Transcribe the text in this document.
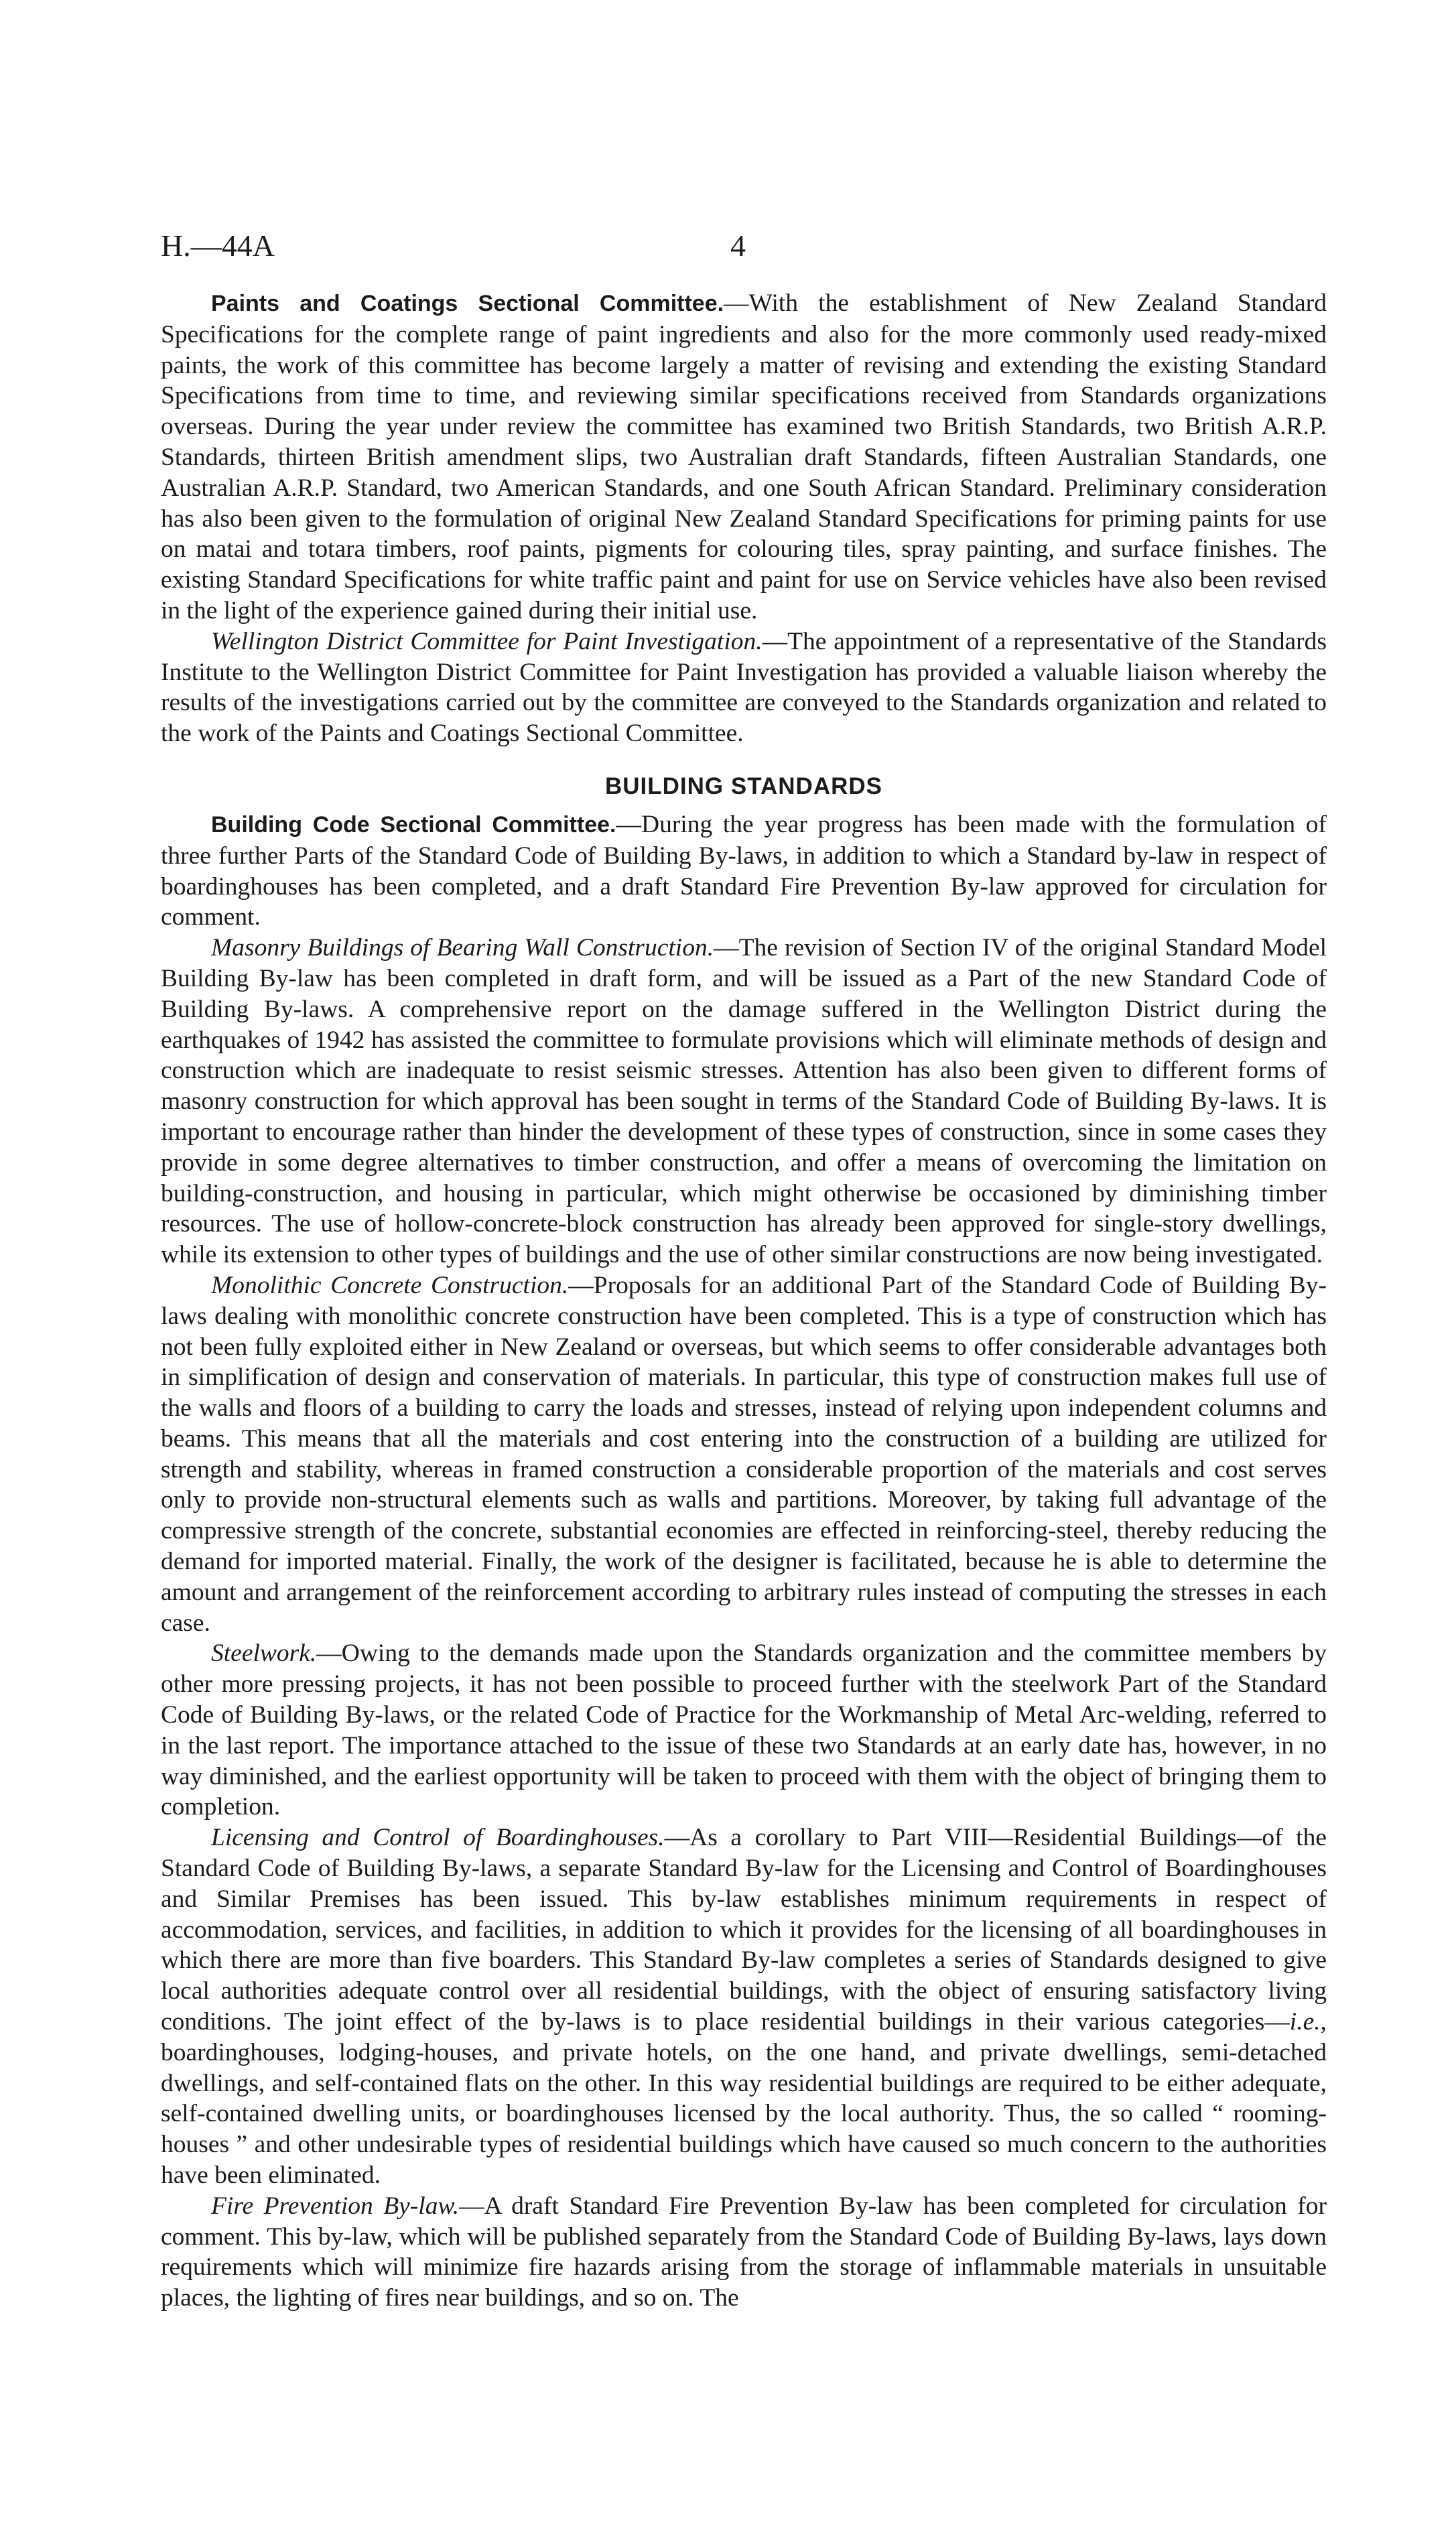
H.—44A	4

Paints and Coatings Sectional Committee.—With the establishment of New Zealand Standard Specifications for the complete range of paint ingredients and also for the more commonly used ready-mixed paints, the work of this committee has become largely a matter of revising and extending the existing Standard Specifications from time to time, and reviewing similar specifications received from Standards organizations overseas. During the year under review the committee has examined two British Standards, two British A.R.P. Standards, thirteen British amendment slips, two Australian draft Standards, fifteen Australian Standards, one Australian A.R.P. Standard, two American Standards, and one South African Standard. Preliminary consideration has also been given to the formulation of original New Zealand Standard Specifications for priming paints for use on matai and totara timbers, roof paints, pigments for colouring tiles, spray painting, and surface finishes. The existing Standard Specifications for white traffic paint and paint for use on Service vehicles have also been revised in the light of the experience gained during their initial use.

Wellington District Committee for Paint Investigation.—The appointment of a representative of the Standards Institute to the Wellington District Committee for Paint Investigation has provided a valuable liaison whereby the results of the investigations carried out by the committee are conveyed to the Standards organization and related to the work of the Paints and Coatings Sectional Committee.

BUILDING STANDARDS

Building Code Sectional Committee.—During the year progress has been made with the formulation of three further Parts of the Standard Code of Building By-laws, in addition to which a Standard by-law in respect of boardinghouses has been completed, and a draft Standard Fire Prevention By-law approved for circulation for comment.

Masonry Buildings of Bearing Wall Construction.—The revision of Section IV of the original Standard Model Building By-law has been completed in draft form, and will be issued as a Part of the new Standard Code of Building By-laws. A comprehensive report on the damage suffered in the Wellington District during the earthquakes of 1942 has assisted the committee to formulate provisions which will eliminate methods of design and construction which are inadequate to resist seismic stresses. Attention has also been given to different forms of masonry construction for which approval has been sought in terms of the Standard Code of Building By-laws. It is important to encourage rather than hinder the development of these types of construction, since in some cases they provide in some degree alternatives to timber construction, and offer a means of overcoming the limitation on building-construction, and housing in particular, which might otherwise be occasioned by diminishing timber resources. The use of hollow-concrete-block construction has already been approved for single-story dwellings, while its extension to other types of buildings and the use of other similar constructions are now being investigated.

Monolithic Concrete Construction.—Proposals for an additional Part of the Standard Code of Building By-laws dealing with monolithic concrete construction have been completed. This is a type of construction which has not been fully exploited either in New Zealand or overseas, but which seems to offer considerable advantages both in simplification of design and conservation of materials. In particular, this type of construction makes full use of the walls and floors of a building to carry the loads and stresses, instead of relying upon independent columns and beams. This means that all the materials and cost entering into the construction of a building are utilized for strength and stability, whereas in framed construction a considerable proportion of the materials and cost serves only to provide non-structural elements such as walls and partitions. Moreover, by taking full advantage of the compressive strength of the concrete, substantial economies are effected in reinforcing-steel, thereby reducing the demand for imported material. Finally, the work of the designer is facilitated, because he is able to determine the amount and arrangement of the reinforcement according to arbitrary rules instead of computing the stresses in each case.

Steelwork.—Owing to the demands made upon the Standards organization and the committee members by other more pressing projects, it has not been possible to proceed further with the steelwork Part of the Standard Code of Building By-laws, or the related Code of Practice for the Workmanship of Metal Arc-welding, referred to in the last report. The importance attached to the issue of these two Standards at an early date has, however, in no way diminished, and the earliest opportunity will be taken to proceed with them with the object of bringing them to completion.

Licensing and Control of Boardinghouses.—As a corollary to Part VIII—Residential Buildings—of the Standard Code of Building By-laws, a separate Standard By-law for the Licensing and Control of Boardinghouses and Similar Premises has been issued. This by-law establishes minimum requirements in respect of accommodation, services, and facilities, in addition to which it provides for the licensing of all boardinghouses in which there are more than five boarders. This Standard By-law completes a series of Standards designed to give local authorities adequate control over all residential buildings, with the object of ensuring satisfactory living conditions. The joint effect of the by-laws is to place residential buildings in their various categories—i.e., boardinghouses, lodging-houses, and private hotels, on the one hand, and private dwellings, semi-detached dwellings, and self-contained flats on the other. In this way residential buildings are required to be either adequate, self-contained dwelling units, or boardinghouses licensed by the local authority. Thus, the so called “ rooming-houses ” and other undesirable types of residential buildings which have caused so much concern to the authorities have been eliminated.

Fire Prevention By-law.—A draft Standard Fire Prevention By-law has been completed for circulation for comment. This by-law, which will be published separately from the Standard Code of Building By-laws, lays down requirements which will minimize fire hazards arising from the storage of inflammable materials in unsuitable places, the lighting of fires near buildings, and so on. The
